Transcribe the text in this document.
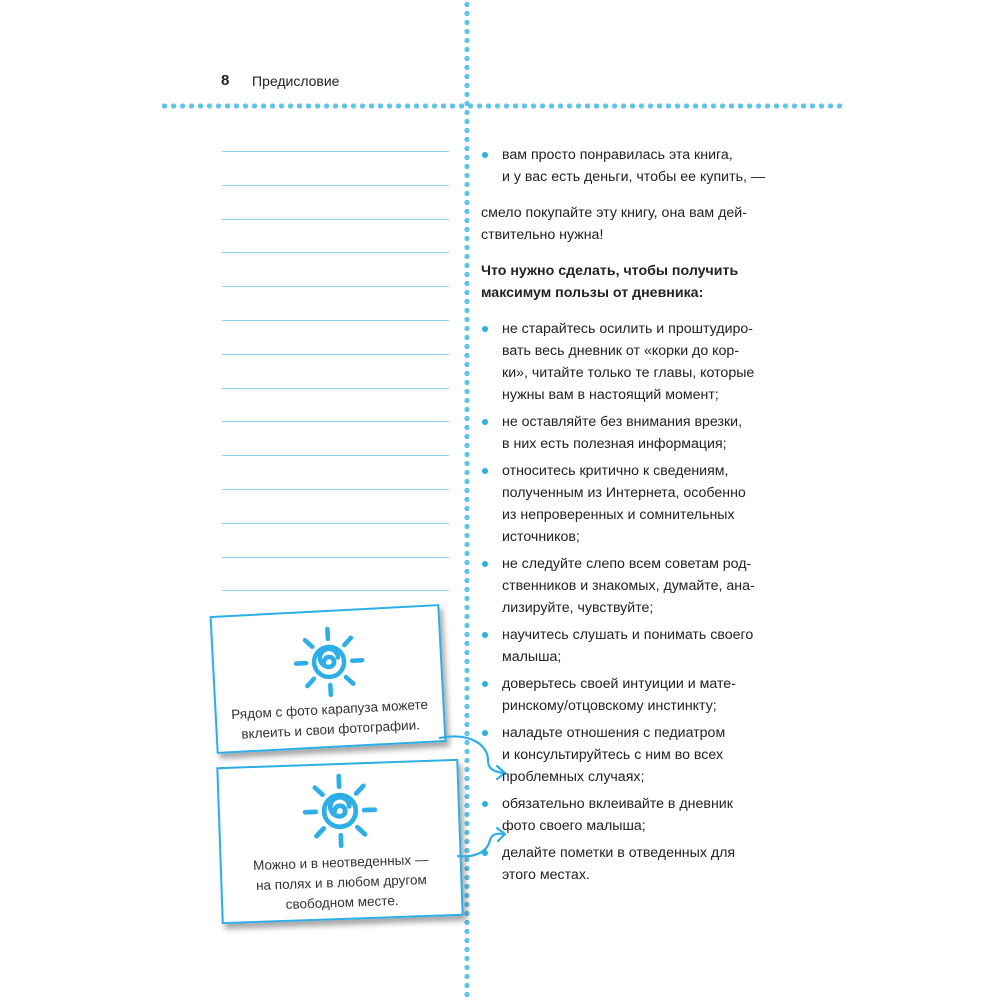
8 Предисловие
Рядом с фото карапуза можете
вклеить и свои фотографии.
Можно и в неотведенных —
на полях и в любом другом
свободном месте.
вам просто понравилась эта книга,
и у вас есть деньги, чтобы ее купить, —
смело покупайте эту книгу, она вам дей-
ствительно нужна!
Что нужно сделать, чтобы получить
максимум пользы от дневника:
не старайтесь осилить и проштудиро-
вать весь дневник от «корки до кор-
ки», читайте только те главы, которые
нужны вам в настоящий момент;
не оставляйте без внимания врезки,
в них есть полезная информация;
относитесь критично к сведениям,
полученным из Интернета, особенно
из непроверенных и сомнительных
источников;
не следуйте слепо всем советам род-
ственников и знакомых, думайте, ана-
лизируйте, чувствуйте;
научитесь слушать и понимать своего
малыша;
доверьтесь своей интуиции и мате-
ринскому/отцовскому инстинкту;
наладьте отношения с педиатром
и консультируйтесь с ним во всех
проблемных случаях;
обязательно вклеивайте в дневник
фото своего малыша;
делайте пометки в отведенных для
этого местах.
